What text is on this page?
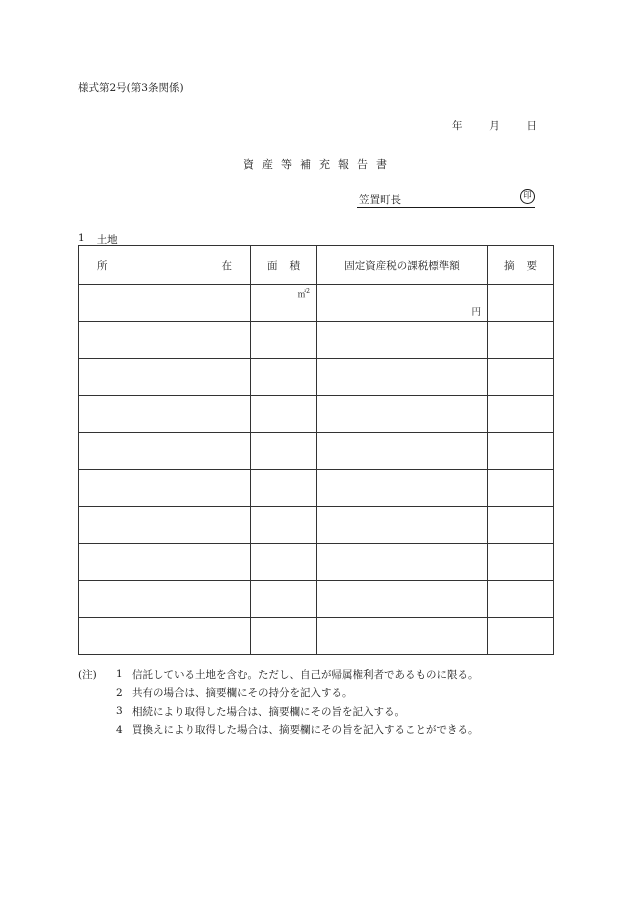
様式第2号(第3条関係)
年	月	日
資産等補充報告書
笠置町長	印
1 土地
所 在	面 積	固定資産税の課税標準額	摘 要

	㎡$^2$	円	

(注)	1 信託している土地を含む。ただし、自己が帰属権利者であるものに限る。
2 共有の場合は、摘要欄にその持分を記入する。
3 相続により取得した場合は、摘要欄にその旨を記入する。
4 買換えにより取得した場合は、摘要欄にその旨を記入することができる。
